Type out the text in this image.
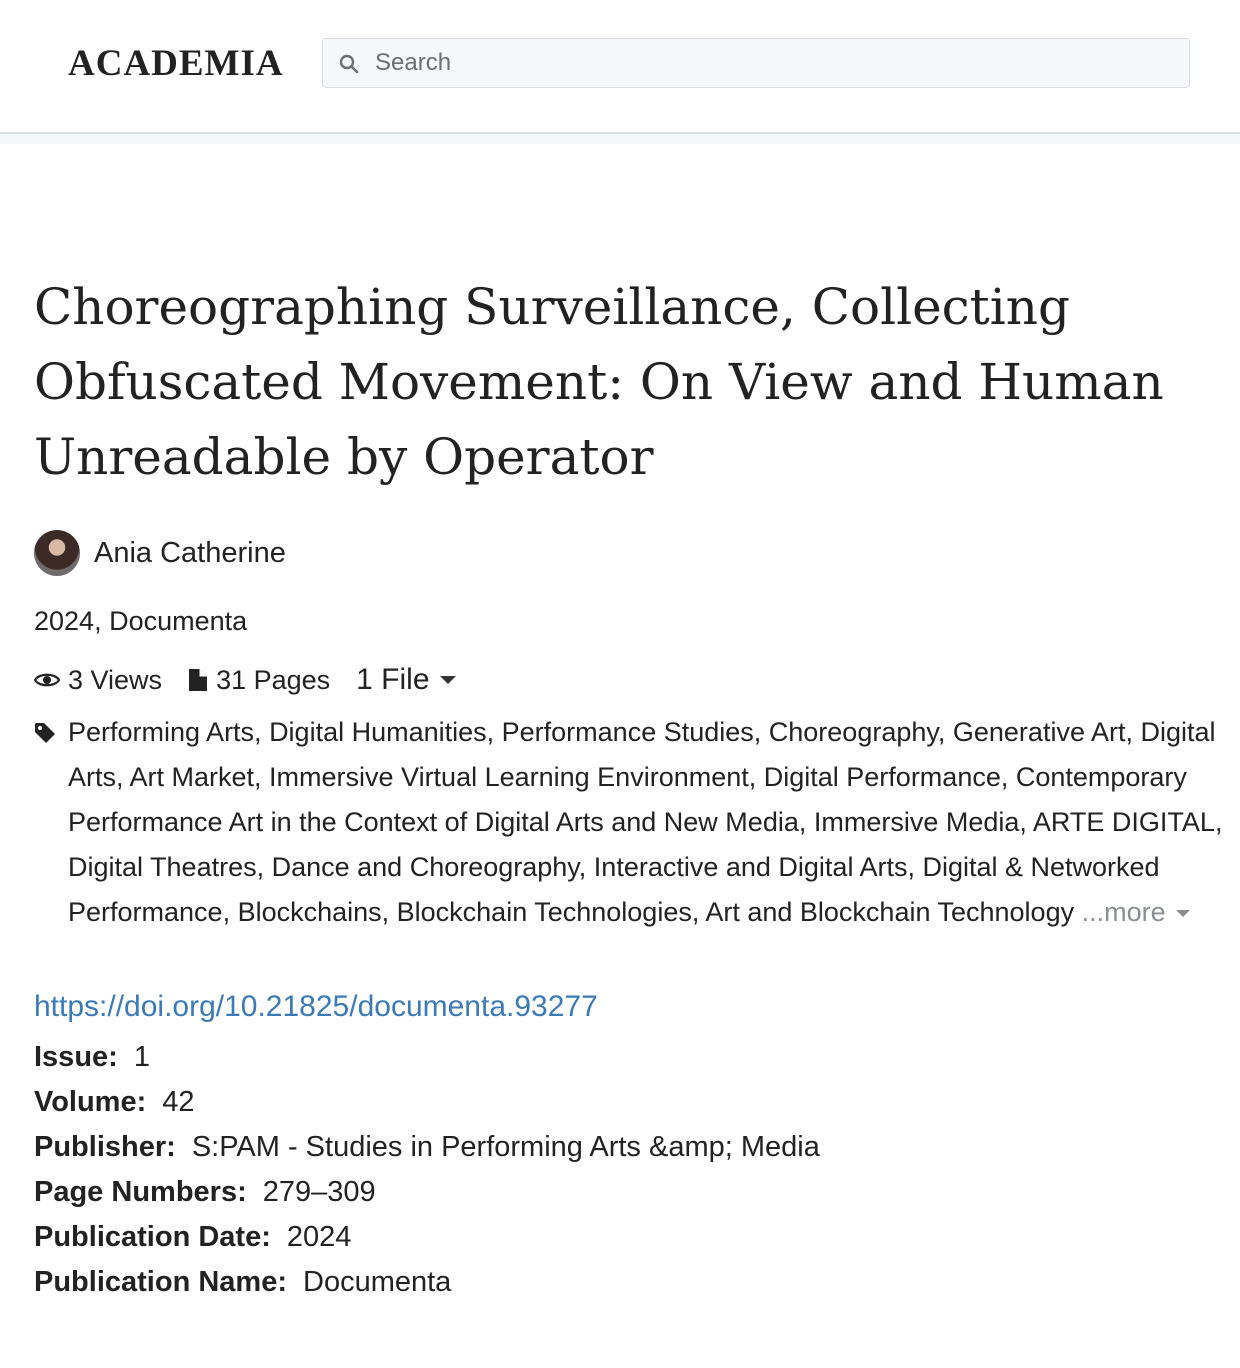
ACADEMIA
Search
Choreographing Surveillance, Collecting Obfuscated Movement: On View and Human Unreadable by Operator
Ania Catherine
2024, Documenta
3 Views 31 Pages 1 File
Performing Arts, Digital Humanities, Performance Studies, Choreography, Generative Art, Digital Arts, Art Market, Immersive Virtual Learning Environment, Digital Performance, Contemporary Performance Art in the Context of Digital Arts and New Media, Immersive Media, ARTE DIGITAL, Digital Theatres, Dance and Choreography, Interactive and Digital Arts, Digital & Networked Performance, Blockchains, Blockchain Technologies, Art and Blockchain Technology ...more
https://doi.org/10.21825/documenta.93277
Issue: 1
Volume: 42
Publisher: S:PAM - Studies in Performing Arts &amp; Media
Page Numbers: 279–309
Publication Date: 2024
Publication Name: Documenta
